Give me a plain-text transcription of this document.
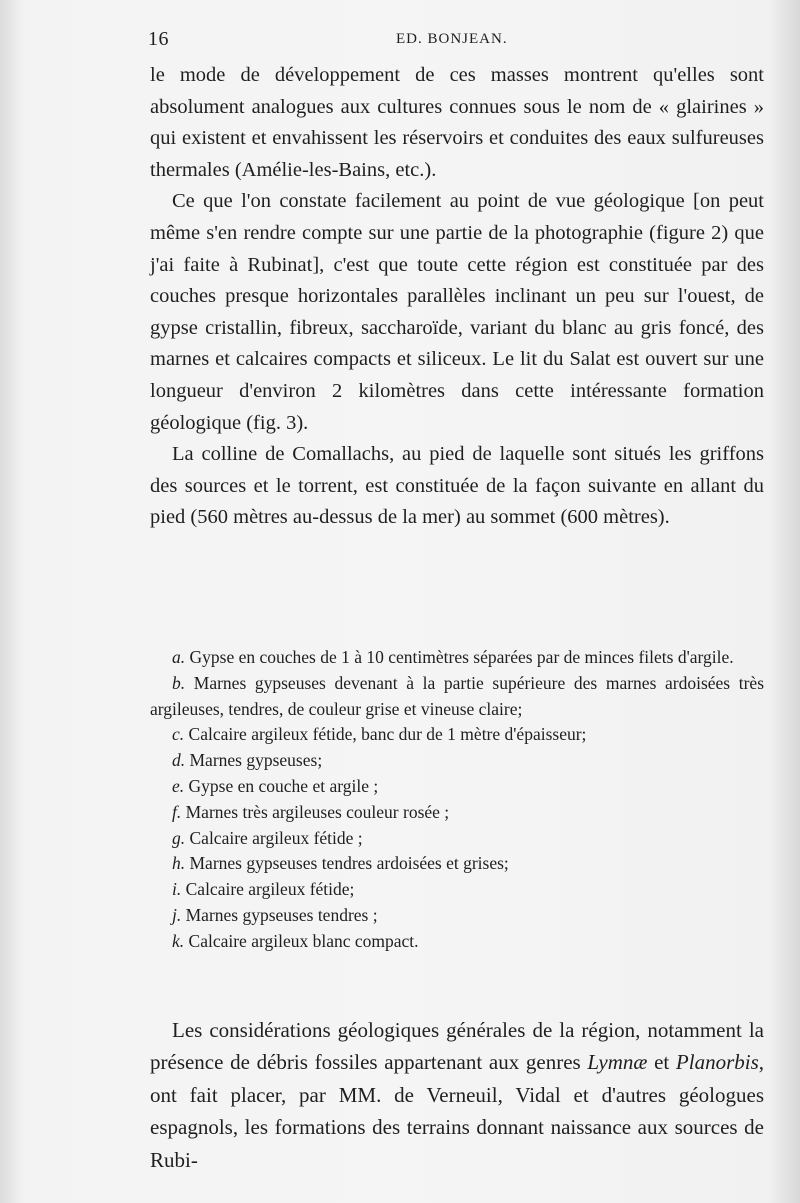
16	ED. BONJEAN.

le mode de développement de ces masses montrent qu'elles sont absolument analogues aux cultures connues sous le nom de « glairines » qui existent et envahissent les réservoirs et conduites des eaux sulfureuses thermales (Amélie-les-Bains, etc.).

Ce que l'on constate facilement au point de vue géologique [on peut même s'en rendre compte sur une partie de la photographie (figure 2) que j'ai faite à Rubinat], c'est que toute cette région est constituée par des couches presque horizontales parallèles inclinant un peu sur l'ouest, de gypse cristallin, fibreux, saccharoïde, variant du blanc au gris foncé, des marnes et calcaires compacts et siliceux. Le lit du Salat est ouvert sur une longueur d'environ 2 kilomètres dans cette intéressante formation géologique (fig. 3).

La colline de Comallachs, au pied de laquelle sont situés les griffons des sources et le torrent, est constituée de la façon suivante en allant du pied (560 mètres au-dessus de la mer) au sommet (600 mètres).

a. Gypse en couches de 1 à 10 centimètres séparées par de minces filets d'argile.
b. Marnes gypseuses devenant à la partie supérieure des marnes ardoisées très argileuses, tendres, de couleur grise et vineuse claire;
c. Calcaire argileux fétide, banc dur de 1 mètre d'épaisseur;
d. Marnes gypseuses;
e. Gypse en couche et argile ;
f. Marnes très argileuses couleur rosée ;
g. Calcaire argileux fétide ;
h. Marnes gypseuses tendres ardoisées et grises;
i. Calcaire argileux fétide;
j. Marnes gypseuses tendres ;
k. Calcaire argileux blanc compact.

Les considérations géologiques générales de la région, notamment la présence de débris fossiles appartenant aux genres Lymnæ et Planorbis, ont fait placer, par MM. de Verneuil, Vidal et d'autres géologues espagnols, les formations des terrains donnant naissance aux sources de Rubi-
